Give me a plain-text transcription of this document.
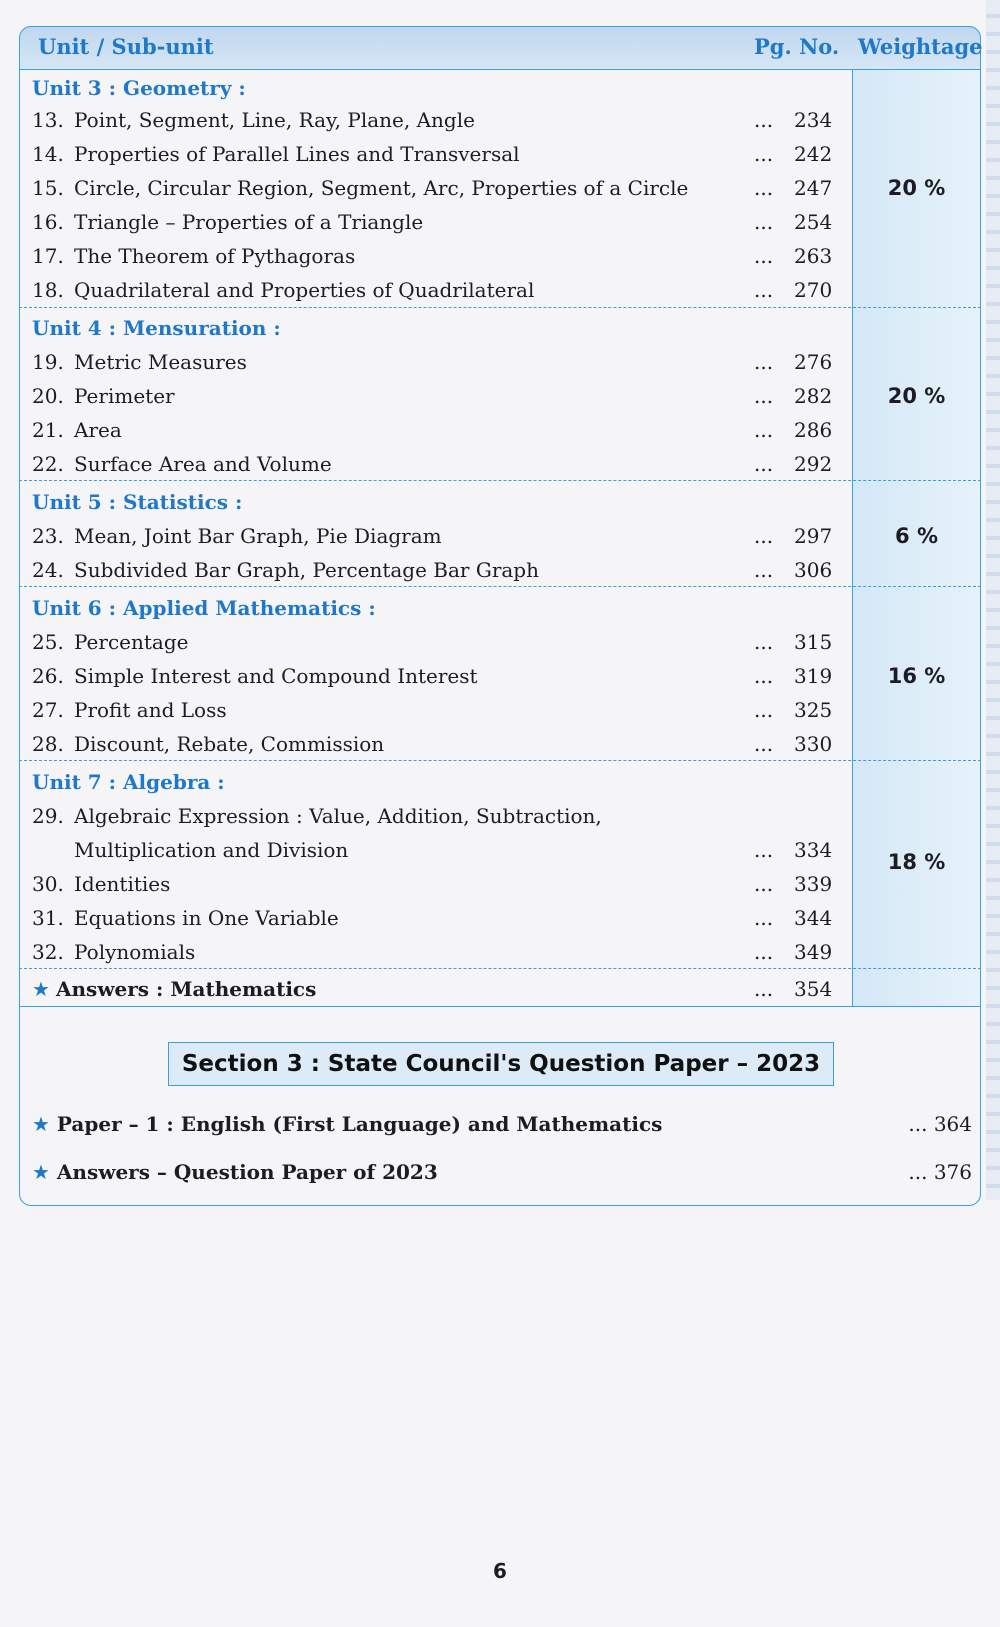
Unit / Sub-unit	Pg. No. Weightage
Unit 3 : Geometry :
13. Point, Segment, Line, Ray, Plane, Angle	... 234
14. Properties of Parallel Lines and Transversal	... 242
15. Circle, Circular Region, Segment, Arc, Properties of a Circle	... 247
16. Triangle – Properties of a Triangle	... 254
17. The Theorem of Pythagoras	... 263
18. Quadrilateral and Properties of Quadrilateral	... 270
20 %
Unit 4 : Mensuration :
19. Metric Measures	... 276
20. Perimeter	... 282
21. Area	... 286
22. Surface Area and Volume	... 292
20 %
Unit 5 : Statistics :
23. Mean, Joint Bar Graph, Pie Diagram	... 297
24. Subdivided Bar Graph, Percentage Bar Graph	... 306
6 %
Unit 6 : Applied Mathematics :
25. Percentage	... 315
26. Simple Interest and Compound Interest	... 319
27. Profit and Loss	... 325
28. Discount, Rebate, Commission	... 330
16 %
Unit 7 : Algebra :
29. Algebraic Expression : Value, Addition, Subtraction,
Multiplication and Division	... 334
30. Identities	... 339
31. Equations in One Variable	... 344
32. Polynomials	... 349
18 %
★ Answers : Mathematics	... 354
Section 3 : State Council's Question Paper – 2023
★ Paper – 1 : English (First Language) and Mathematics	... 364
★ Answers – Question Paper of 2023	... 376
6
